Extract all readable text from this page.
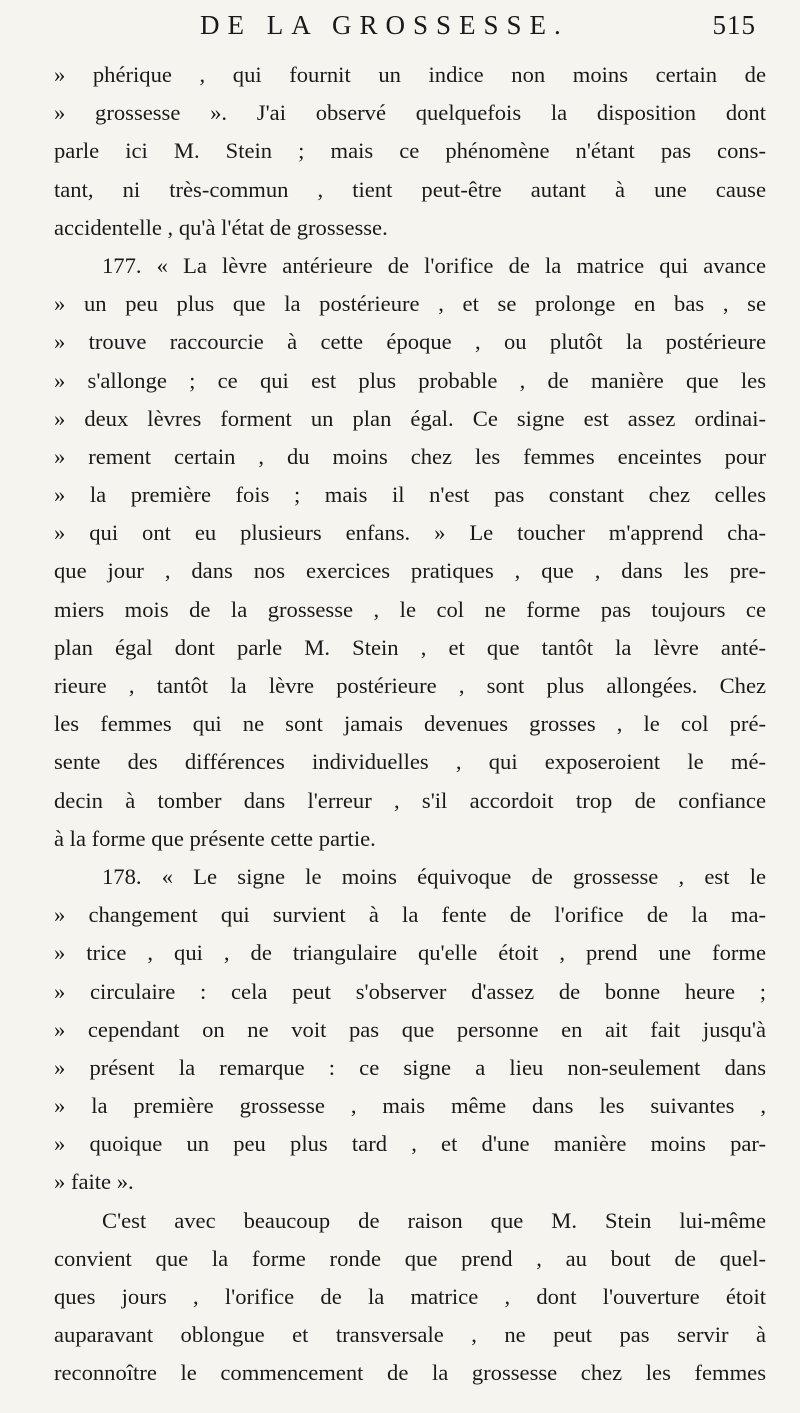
DE LA GROSSESSE.	515
» phérique , qui fournit un indice non moins certain de
» grossesse ». J'ai observé quelquefois la disposition dont
parle ici M. Stein ; mais ce phénomène n'étant pas cons-
tant, ni très-commun , tient peut-être autant à une cause
accidentelle , qu'à l'état de grossesse.
177. « La lèvre antérieure de l'orifice de la matrice qui avance
» un peu plus que la postérieure , et se prolonge en bas , se
» trouve raccourcie à cette époque , ou plutôt la postérieure
» s'allonge ; ce qui est plus probable , de manière que les
» deux lèvres forment un plan égal. Ce signe est assez ordinai-
» rement certain , du moins chez les femmes enceintes pour
» la première fois ; mais il n'est pas constant chez celles
» qui ont eu plusieurs enfans. » Le toucher m'apprend cha-
que jour , dans nos exercices pratiques , que , dans les pre-
miers mois de la grossesse , le col ne forme pas toujours ce
plan égal dont parle M. Stein , et que tantôt la lèvre anté-
rieure , tantôt la lèvre postérieure , sont plus allongées. Chez
les femmes qui ne sont jamais devenues grosses , le col pré-
sente des différences individuelles , qui exposeroient le mé-
decin à tomber dans l'erreur , s'il accordoit trop de confiance
à la forme que présente cette partie.
178. « Le signe le moins équivoque de grossesse , est le
» changement qui survient à la fente de l'orifice de la ma-
» trice , qui , de triangulaire qu'elle étoit , prend une forme
» circulaire : cela peut s'observer d'assez de bonne heure ;
» cependant on ne voit pas que personne en ait fait jusqu'à
» présent la remarque : ce signe a lieu non-seulement dans
» la première grossesse , mais même dans les suivantes ,
» quoique un peu plus tard , et d'une manière moins par-
» faite ».
C'est avec beaucoup de raison que M. Stein lui-même
convient que la forme ronde que prend , au bout de quel-
ques jours , l'orifice de la matrice , dont l'ouverture étoit
auparavant oblongue et transversale , ne peut pas servir à
reconnoître le commencement de la grossesse chez les femmes
